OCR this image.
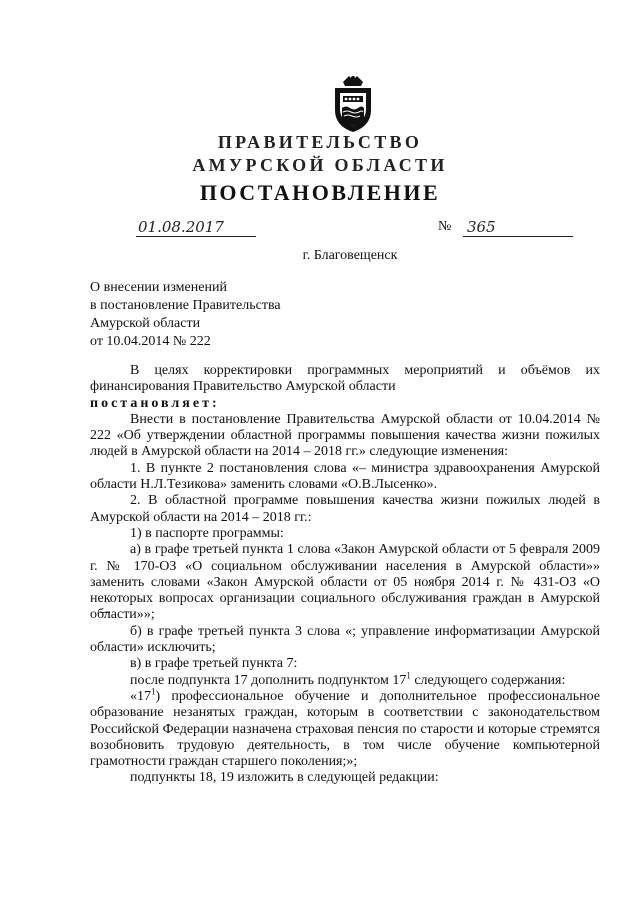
ПРАВИТЕЛЬСТВО
АМУРСКОЙ ОБЛАСТИ
ПОСТАНОВЛЕНИЕ
01.08.2017	№ 365
г. Благовещенск
О внесении изменений
в постановление Правительства
Амурской области
от 10.04.2014 № 222

В целях корректировки программных мероприятий и объёмов их финансирования Правительство Амурской области

постановляет:

Внести в постановление Правительства Амурской области от 10.04.2014 № 222 «Об утверждении областной программы повышения качества жизни пожилых людей в Амурской области на 2014 – 2018 гг.» следующие изменения:

1. В пункте 2 постановления слова «– министра здравоохранения Амурской области Н.Л.Тезикова» заменить словами «О.В.Лысенко».

2. В областной программе повышения качества жизни пожилых людей в Амурской области на 2014 – 2018 гг.:

1) в паспорте программы:

а) в графе третьей пункта 1 слова «Закон Амурской области от 5 февраля 2009 г. № 170-ОЗ «О социальном обслуживании населения в Амурской области»» заменить словами «Закон Амурской области от 05 ноября 2014 г. № 431-ОЗ «О некоторых вопросах организации социального обслуживания граждан в Амурской области»»;

б) в графе третьей пункта 3 слова «; управление информатизации Амурской области» исключить;

в) в графе третьей пункта 7:

после подпункта 17 дополнить подпунктом $17^1$ следующего содержания:

«$17^1$) профессиональное обучение и дополнительное профессиональное образование незанятых граждан, которым в соответствии с законодательством Российской Федерации назначена страховая пенсия по старости и которые стремятся возобновить трудовую деятельность, в том числе обучение компьютерной грамотности граждан старшего поколения;»;

подпункты 18, 19 изложить в следующей редакции:
